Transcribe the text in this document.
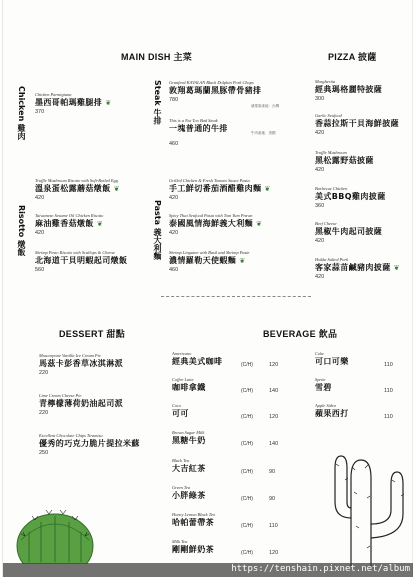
MAIN DISH 主菜
Chicken 雞肉 Chicken Parmigiana
墨西哥帕瑪雞腿排 ❦
370	Steak 牛排 Granfeed KAVALAN Black Dolphin Pork Chops
敦翔葛瑪蘭黑豚帶骨豬排
780
豬排原產地：台灣
This is a Not Too Bad Steak
一塊普通的牛排	牛肉產地：美國
460
Risotto 燉飯
Truffle Mushroom Risotto with Soft-Boiled Egg
溫泉蛋松露蘑菇燉飯 ❦
420
Taiwanese Sesame Oil Chicken Risotto
麻油雞香菇燉飯 ❦
420
Shrimp Pesto Risotto with Scallops & Cheese
北海道干貝明蝦起司燉飯
560
Pasta 義大利麵
Grilled Chicken & Fresh Tomato Sauce Pasta
手工鮮切番茄酒醋雞肉麵 ❦
420
Spicy Thai Seafood Pasta with Tom Yum Prawn
泰國風情海鮮義大利麵 ❦
420
Shrimp Linguine with Basil and Shrimp Paste
濃情羅勒天使蝦麵 ❦
460
PIZZA 披薩
Margherita
經典瑪格麗特披薩
300
Garlic Seafood
香蒜拉斯干貝海鮮披薩
420
Truffle Mushroom
黑松露野菇披薩
420
Barbecue Chicken
美式BBQ雞肉披薩
360
Beef Cheese
黑椒牛肉起司披薩
420
Hokka Salted Pork
客家蒜苗鹹豬肉披薩 ❦
420
DESSERT 甜點
Mascarpone Vanilla Ice Cream Pie
馬茲卡彭香草冰淇淋派
220
Lime Cream Cheese Pie
青檸檬薄荷奶油起司派
220
Excellent Chocolate Chips Tiramisu
優秀的巧克力脆片提拉米蘇
250
BEVERAGE 飲品
Americano
經典美式咖啡	(C/H)	120
Coffee Latte
咖啡拿鐵	(C/H)	140
Coco
可可	(C/H)	120
Brown Sugar Milk
黑糖牛奶	(C/H)	140
Black Tea
大吉紅茶	(C/H)	90
Green Tea
小胖綠茶	(C/H)	90
Honey Lemon Black Tea
哈帕蕾帶茶	(C/H)	110
Milk Tea
剛剛鮮奶茶	(C/H)	120
Coke
可口可樂	110
Sprite
雪碧	110
Apple Sidra
蘋果西打	110
https://tenshain.pixnet.net/album
